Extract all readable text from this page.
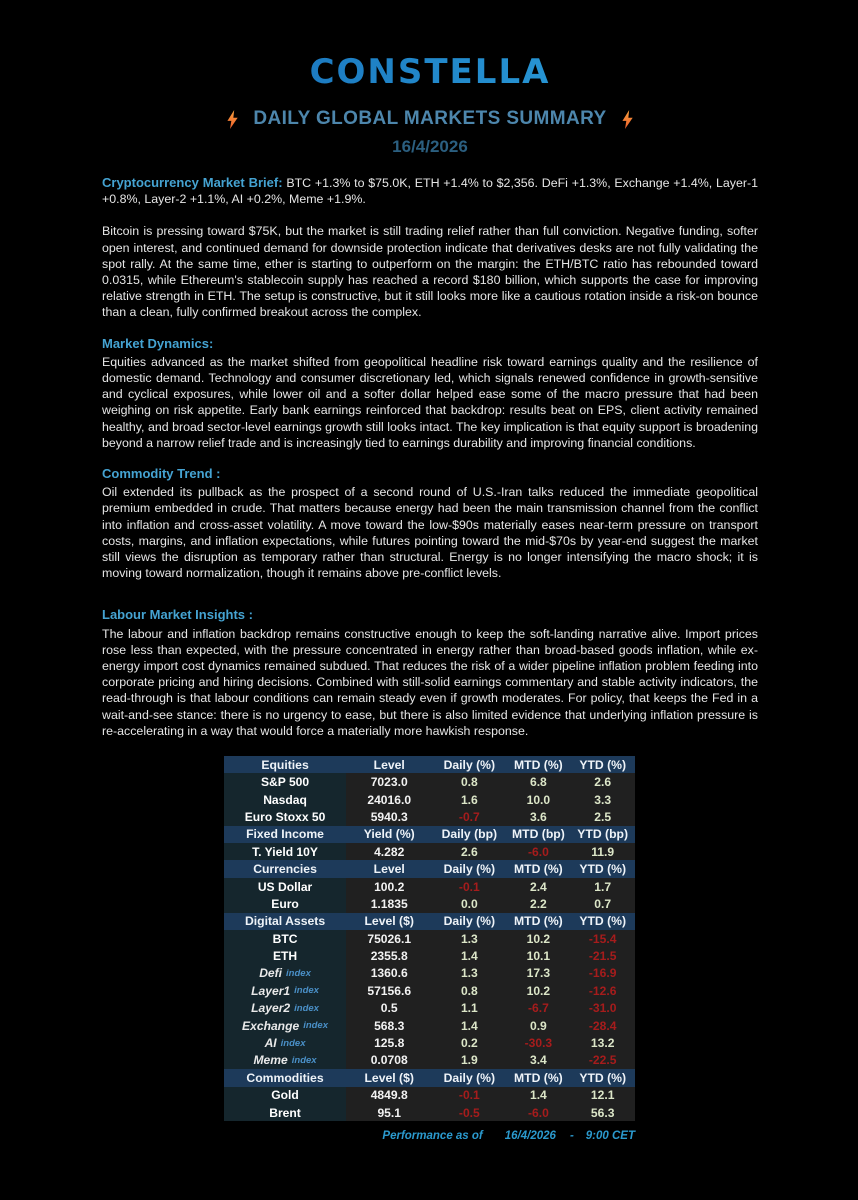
CONSTELLA
DAILY GLOBAL MARKETS SUMMARY
16/4/2026

Cryptocurrency Market Brief: BTC +1.3% to $75.0K, ETH +1.4% to $2,356. DeFi +1.3%, Exchange +1.4%, Layer-1 +0.8%, Layer-2 +1.1%, AI +0.2%, Meme +1.9%.

Bitcoin is pressing toward $75K, but the market is still trading relief rather than full conviction. Negative funding, softer open interest, and continued demand for downside protection indicate that derivatives desks are not fully validating the spot rally. At the same time, ether is starting to outperform on the margin: the ETH/BTC ratio has rebounded toward 0.0315, while Ethereum's stablecoin supply has reached a record $180 billion, which supports the case for improving relative strength in ETH. The setup is constructive, but it still looks more like a cautious rotation inside a risk-on bounce than a clean, fully confirmed breakout across the complex.

Market Dynamics:

Equities advanced as the market shifted from geopolitical headline risk toward earnings quality and the resilience of domestic demand. Technology and consumer discretionary led, which signals renewed confidence in growth-sensitive and cyclical exposures, while lower oil and a softer dollar helped ease some of the macro pressure that had been weighing on risk appetite. Early bank earnings reinforced that backdrop: results beat on EPS, client activity remained healthy, and broad sector-level earnings growth still looks intact. The key implication is that equity support is broadening beyond a narrow relief trade and is increasingly tied to earnings durability and improving financial conditions.

Commodity Trend :

Oil extended its pullback as the prospect of a second round of U.S.-Iran talks reduced the immediate geopolitical premium embedded in crude. That matters because energy had been the main transmission channel from the conflict into inflation and cross-asset volatility. A move toward the low-$90s materially eases near-term pressure on transport costs, margins, and inflation expectations, while futures pointing toward the mid-$70s by year-end suggest the market still views the disruption as temporary rather than structural. Energy is no longer intensifying the macro shock; it is moving toward normalization, though it remains above pre-conflict levels.

Labour Market Insights :

The labour and inflation backdrop remains constructive enough to keep the soft-landing narrative alive. Import prices rose less than expected, with the pressure concentrated in energy rather than broad-based goods inflation, while ex-energy import cost dynamics remained subdued. That reduces the risk of a wider pipeline inflation problem feeding into corporate pricing and hiring decisions. Combined with still-solid earnings commentary and stable activity indicators, the read-through is that labour conditions can remain steady even if growth moderates. For policy, that keeps the Fed in a wait-and-see stance: there is no urgency to ease, but there is also limited evidence that underlying inflation pressure is re-accelerating in a way that would force a materially more hawkish response.

Equities	Level	Daily (%)	MTD (%)	YTD (%)
S&P 500	7023.0	0.8	6.8	2.6
Nasdaq	24016.0	1.6	10.0	3.3
Euro Stoxx 50	5940.3	-0.7	3.6	2.5
Fixed Income	Yield (%)	Daily (bp)	MTD (bp)	YTD (bp)
T. Yield 10Y	4.282	2.6	-6.0	11.9
Currencies	Level	Daily (%)	MTD (%)	YTD (%)
US Dollar	100.2	-0.1	2.4	1.7
Euro	1.1835	0.0	2.2	0.7
Digital Assets	Level ($)	Daily (%)	MTD (%)	YTD (%)
BTC	75026.1	1.3	10.2	-15.4
ETH	2355.8	1.4	10.1	-21.5
Defi index	1360.6	1.3	17.3	-16.9
Layer1 index	57156.6	0.8	10.2	-12.6
Layer2 index	0.5	1.1	-6.7	-31.0
Exchange index	568.3	1.4	0.9	-28.4
AI index	125.8	0.2	-30.3	13.2
Meme index	0.0708	1.9	3.4	-22.5
Commodities	Level ($)	Daily (%)	MTD (%)	YTD (%)
Gold	4849.8	-0.1	1.4	12.1
Brent	95.1	-0.5	-6.0	56.3
Performance as of 16/4/2026 - 9:00 CET
